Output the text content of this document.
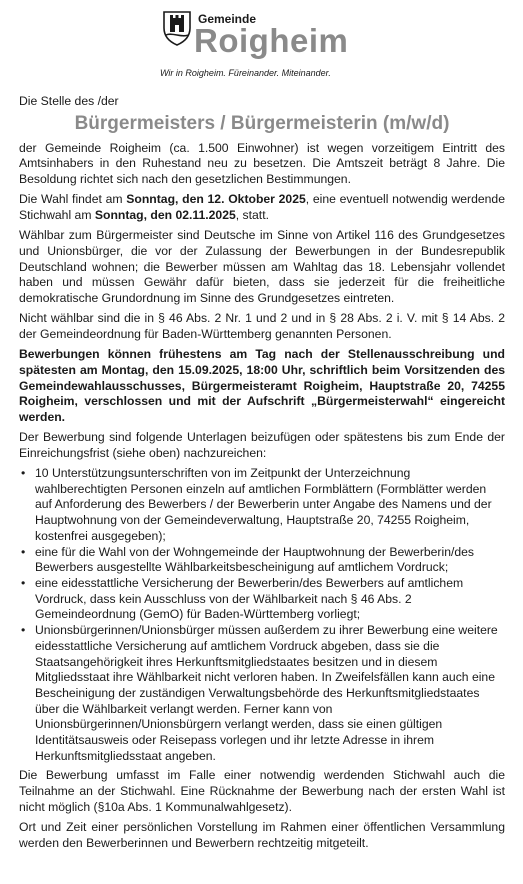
Gemeinde
Roigheim
Wir in Roigheim. Füreinander. Miteinander.

Die Stelle des /der

Bürgermeisters / Bürgermeisterin (m/w/d)

der Gemeinde Roigheim (ca. 1.500 Einwohner) ist wegen vorzeitigem Eintritt des Amtsinhabers in den Ruhestand neu zu besetzen. Die Amtszeit beträgt 8 Jahre. Die Besoldung richtet sich nach den gesetzlichen Bestimmungen.

Die Wahl findet am Sonntag, den 12. Oktober 2025, eine eventuell notwendig werdende Stichwahl am Sonntag, den 02.11.2025, statt.

Wählbar zum Bürgermeister sind Deutsche im Sinne von Artikel 116 des Grundgesetzes und Unionsbürger, die vor der Zulassung der Bewerbungen in der Bundesrepublik Deutschland wohnen; die Bewerber müssen am Wahltag das 18. Lebensjahr vollendet haben und müssen Gewähr dafür bieten, dass sie jederzeit für die freiheitliche demokratische Grundordnung im Sinne des Grundgesetzes eintreten.

Nicht wählbar sind die in § 46 Abs. 2 Nr. 1 und 2 und in § 28 Abs. 2 i. V. mit § 14 Abs. 2 der Gemeindeordnung für Baden-Württemberg genannten Personen.

Bewerbungen können frühestens am Tag nach der Stellenausschreibung und spätesten am Montag, den 15.09.2025, 18:00 Uhr, schriftlich beim Vorsitzenden des Gemeindewahlausschusses, Bürgermeisteramt Roigheim, Hauptstraße 20, 74255 Roigheim, verschlossen und mit der Aufschrift „Bürgermeisterwahl“ eingereicht werden.

Der Bewerbung sind folgende Unterlagen beizufügen oder spätestens bis zum Ende der Einreichungsfrist (siehe oben) nachzureichen:

• 10 Unterstützungsunterschriften von im Zeitpunkt der Unterzeichnung wahlberechtigten Personen einzeln auf amtlichen Formblättern (Formblätter werden auf Anforderung des Bewerbers / der Bewerberin unter Angabe des Namens und der Hauptwohnung von der Gemeindeverwaltung, Hauptstraße 20, 74255 Roigheim, kostenfrei ausgegeben);
• eine für die Wahl von der Wohngemeinde der Hauptwohnung der Bewerberin/des Bewerbers ausgestellte Wählbarkeitsbescheinigung auf amtlichem Vordruck;
• eine eidesstattliche Versicherung der Bewerberin/des Bewerbers auf amtlichem Vordruck, dass kein Ausschluss von der Wählbarkeit nach § 46 Abs. 2 Gemeindeordnung (GemO) für Baden-Württemberg vorliegt;
• Unionsbürgerinnen/Unionsbürger müssen außerdem zu ihrer Bewerbung eine weitere eidesstattliche Versicherung auf amtlichem Vordruck abgeben, dass sie die Staatsangehörigkeit ihres Herkunftsmitgliedstaates besitzen und in diesem Mitgliedsstaat ihre Wählbarkeit nicht verloren haben. In Zweifelsfällen kann auch eine Bescheinigung der zuständigen Verwaltungsbehörde des Herkunftsmitgliedstaates über die Wählbarkeit verlangt werden. Ferner kann von Unionsbürgerinnen/Unionsbürgern verlangt werden, dass sie einen gültigen Identitätsausweis oder Reisepass vorlegen und ihr letzte Adresse in ihrem Herkunftsmitgliedsstaat angeben.

Die Bewerbung umfasst im Falle einer notwendig werdenden Stichwahl auch die Teilnahme an der Stichwahl. Eine Rücknahme der Bewerbung nach der ersten Wahl ist nicht möglich (§10a Abs. 1 Kommunalwahlgesetz).

Ort und Zeit einer persönlichen Vorstellung im Rahmen einer öffentlichen Versammlung werden den Bewerberinnen und Bewerbern rechtzeitig mitgeteilt.
